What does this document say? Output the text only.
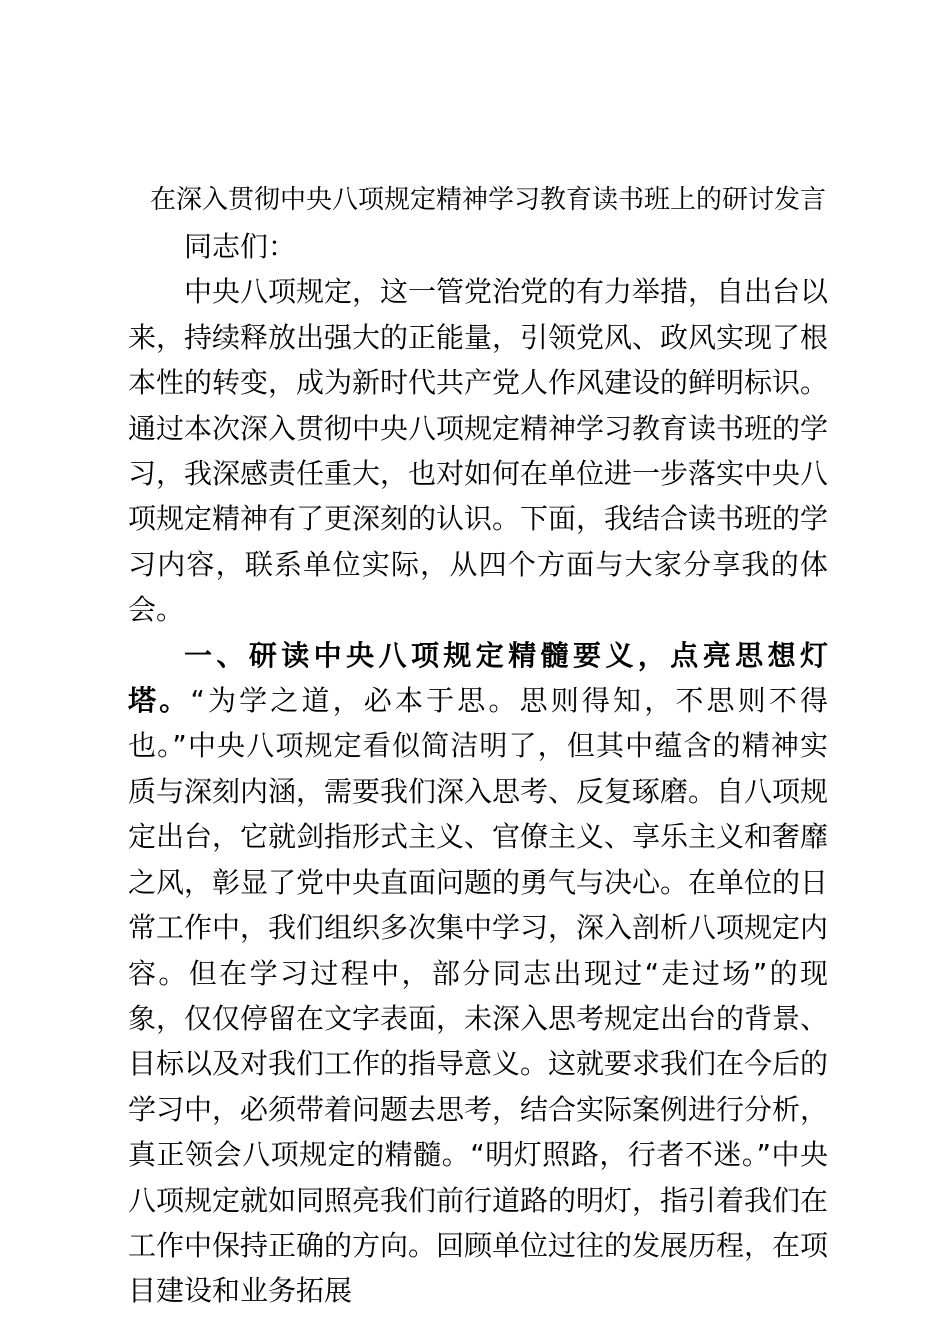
在深入贯彻中央八项规定精神学习教育读书班上的研讨发言

同志们：

中央八项规定，这一管党治党的有力举措，自出台以来，持续释放出强大的正能量，引领党风、政风实现了根本性的转变，成为新时代共产党人作风建设的鲜明标识。通过本次深入贯彻中央八项规定精神学习教育读书班的学习，我深感责任重大，也对如何在单位进一步落实中央八项规定精神有了更深刻的认识。下面，我结合读书班的学习内容，联系单位实际，从四个方面与大家分享我的体会。

一、研读中央八项规定精髓要义，点亮思想灯塔。“为学之道，必本于思。思则得知，不思则不得也。”中央八项规定看似简洁明了，但其中蕴含的精神实质与深刻内涵，需要我们深入思考、反复琢磨。自八项规定出台，它就剑指形式主义、官僚主义、享乐主义和奢靡之风，彰显了党中央直面问题的勇气与决心。在单位的日常工作中，我们组织多次集中学习，深入剖析八项规定内容。但在学习过程中，部分同志出现过“走过场”的现象，仅仅停留在文字表面，未深入思考规定出台的背景、目标以及对我们工作的指导意义。这就要求我们在今后的学习中，必须带着问题去思考，结合实际案例进行分析，真正领会八项规定的精髓。“明灯照路，行者不迷。”中央八项规定就如同照亮我们前行道路的明灯，指引着我们在工作中保持正确的方向。回顾单位过往的发展历程，在项目建设和业务拓展
